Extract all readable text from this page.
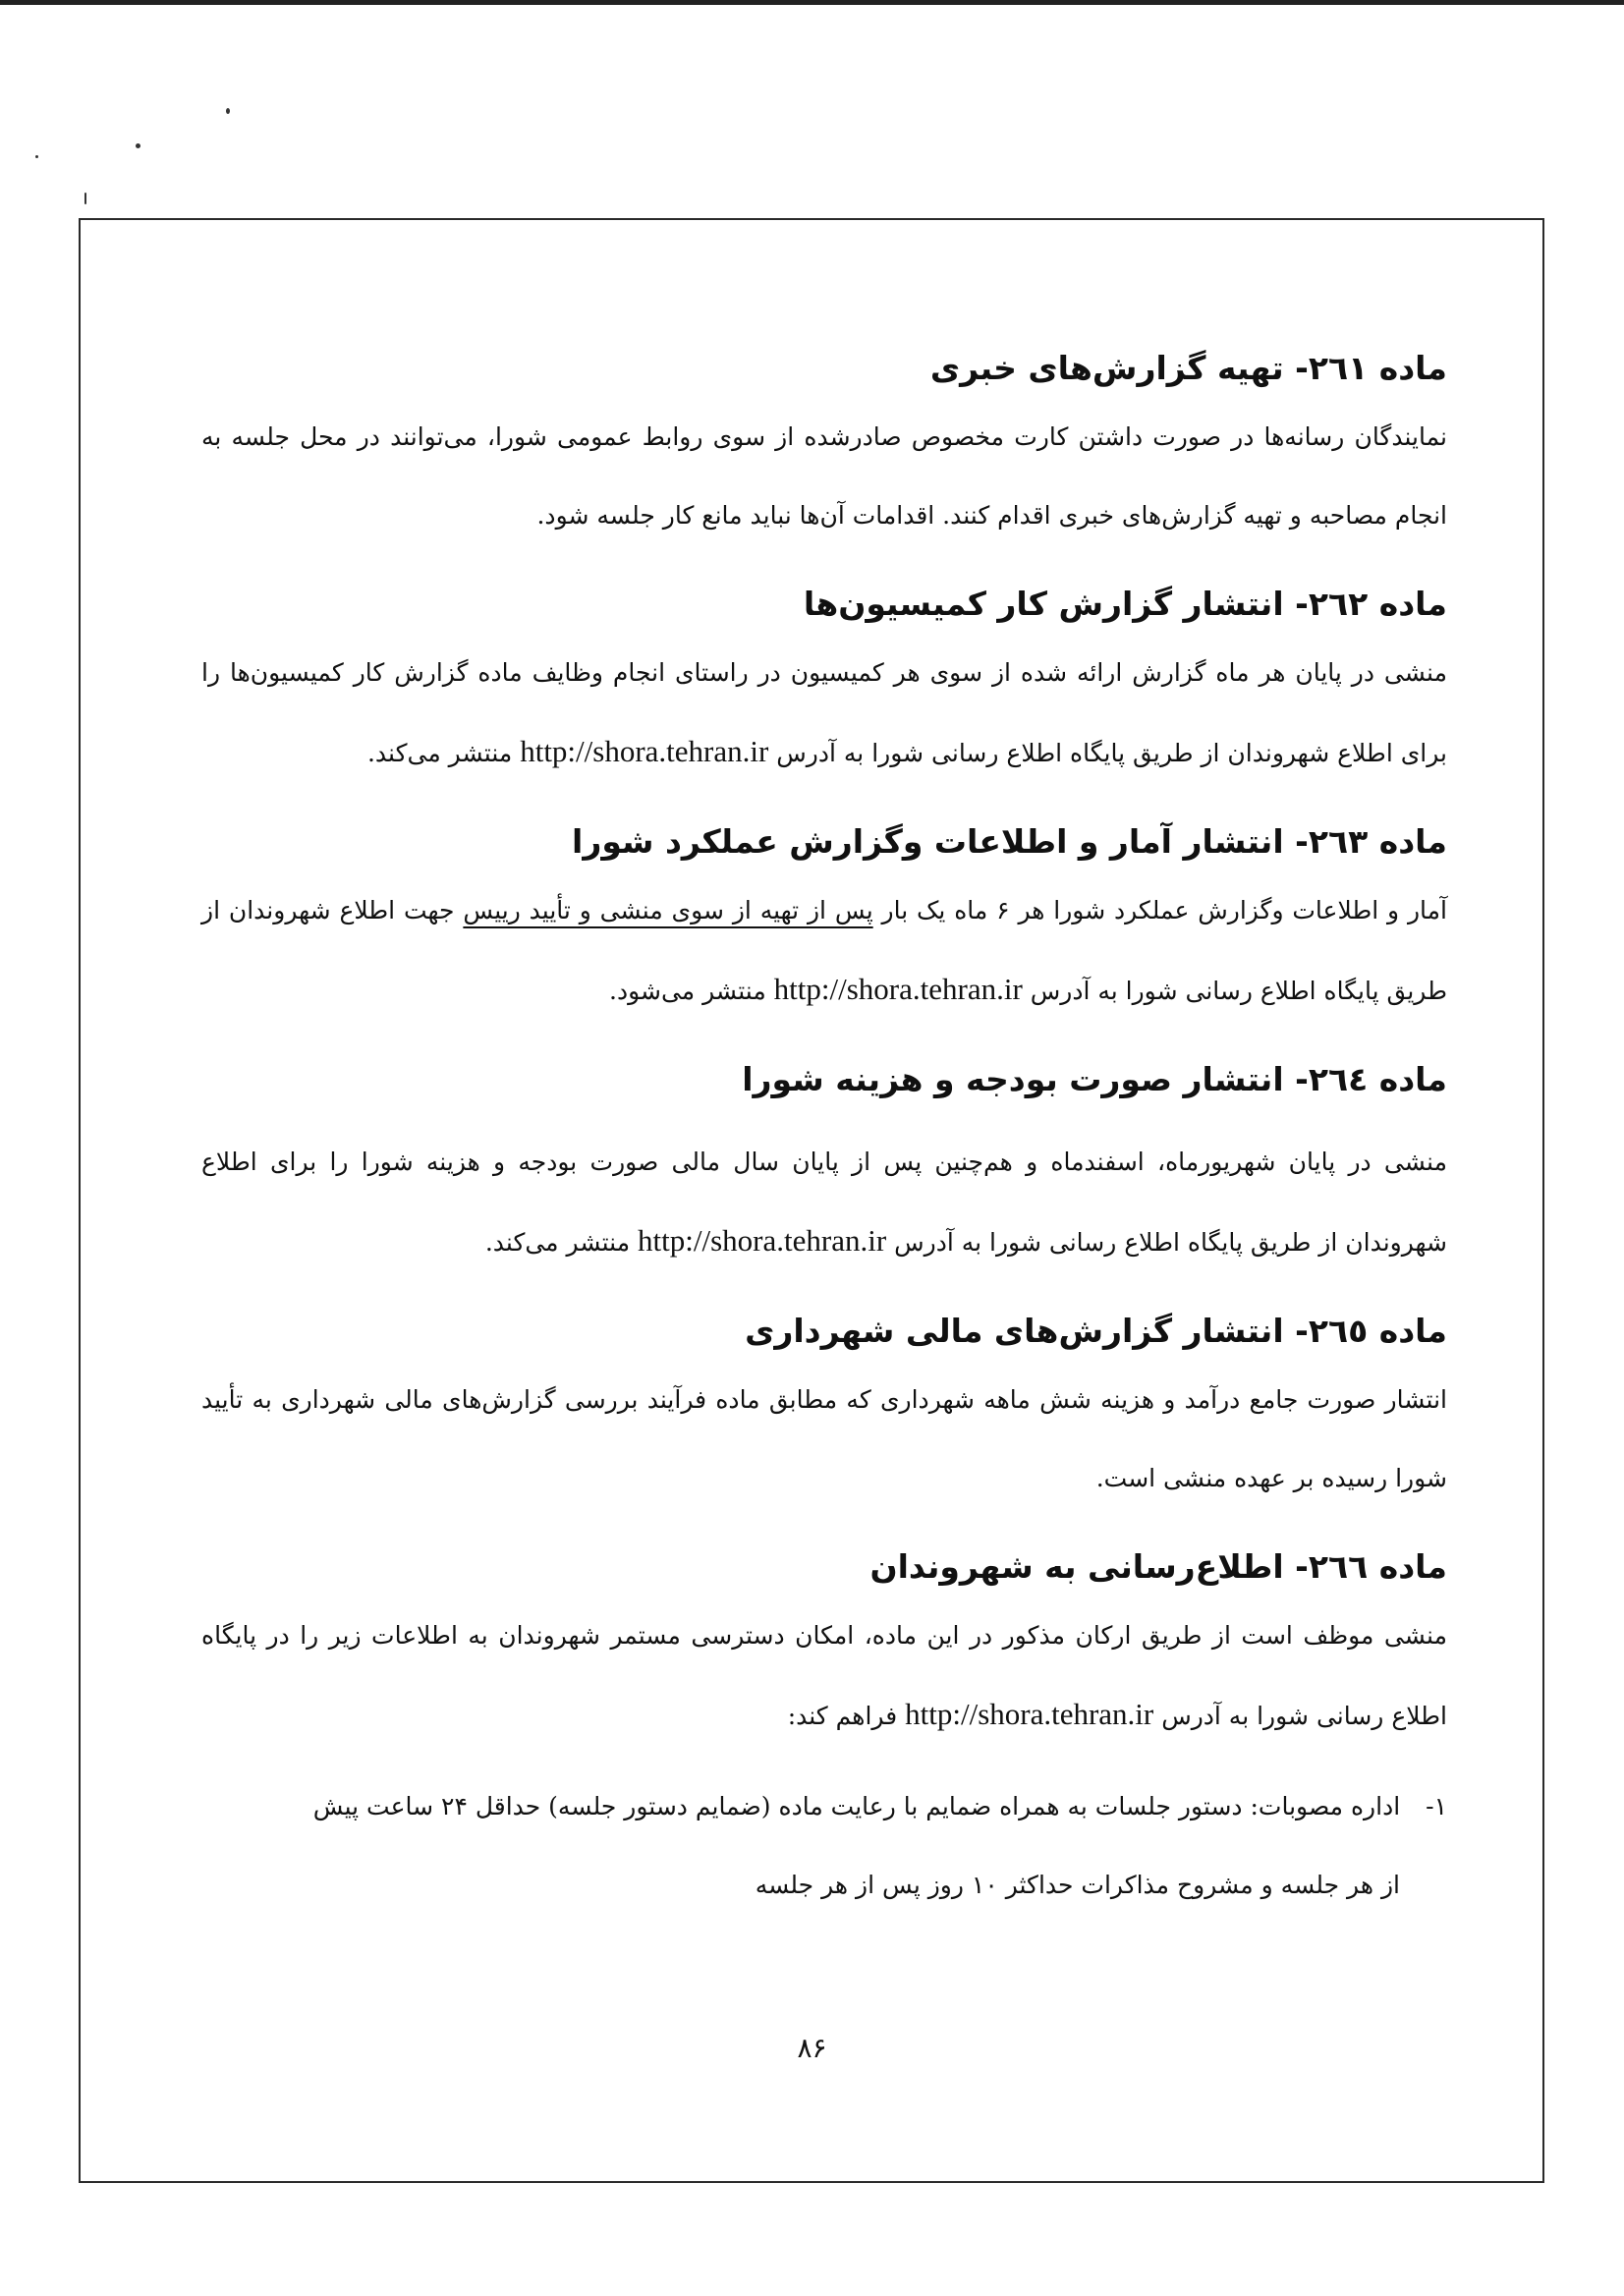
ماده ۲٦۱- تهیه گزارش‌های خبری

نمایندگان رسانه‌ها در صورت داشتن کارت مخصوص صادرشده از سوی روابط عمومی شورا، می‌توانند در محل جلسه به انجام مصاحبه و تهیه گزارش‌های خبری اقدام کنند. اقدامات آن‌ها نباید مانع کار جلسه شود.

ماده ۲٦۲- انتشار گزارش کار کمیسیون‌ها

منشی در پایان هر ماه گزارش ارائه شده از سوی هر کمیسیون در راستای انجام وظایف ماده گزارش کار کمیسیون‌ها را برای اطلاع شهروندان از طریق پایگاه اطلاع رسانی شورا به آدرس http://shora.tehran.ir منتشر می‌کند.

ماده ۲٦۳- انتشار آمار و اطلاعات وگزارش عملکرد شورا

آمار و اطلاعات وگزارش عملکرد شورا هر ۶ ماه یک بار پس از تهیه از سوی منشی و تأیید رییس جهت اطلاع شهروندان از طریق پایگاه اطلاع رسانی شورا به آدرس http://shora.tehran.ir منتشر می‌شود.

ماده ۲٦٤- انتشار صورت بودجه و هزینه شورا

منشی در پایان شهریورماه، اسفندماه و هم‌چنین پس از پایان سال مالی صورت بودجه و هزینه شورا را برای اطلاع شهروندان از طریق پایگاه اطلاع رسانی شورا به آدرس http://shora.tehran.ir منتشر می‌کند.

ماده ۲٦٥- انتشار گزارش‌های مالی شهرداری

انتشار صورت جامع درآمد و هزینه شش ماهه شهرداری که مطابق ماده فرآیند بررسی گزارش‌های مالی شهرداری به تأیید شورا رسیده بر عهده منشی است.

ماده ۲٦٦- اطلاع‌رسانی به شهروندان

منشی موظف است از طریق ارکان مذکور در این ماده، امکان دسترسی مستمر شهروندان به اطلاعات زیر را در پایگاه اطلاع رسانی شورا به آدرس http://shora.tehran.ir فراهم کند:

۱- اداره مصوبات: دستور جلسات به همراه ضمایم با رعایت ماده (ضمایم دستور جلسه) حداقل ۲۴ ساعت پیش
از هر جلسه و مشروح مذاکرات حداکثر ۱۰ روز پس از هر جلسه
۸۶
